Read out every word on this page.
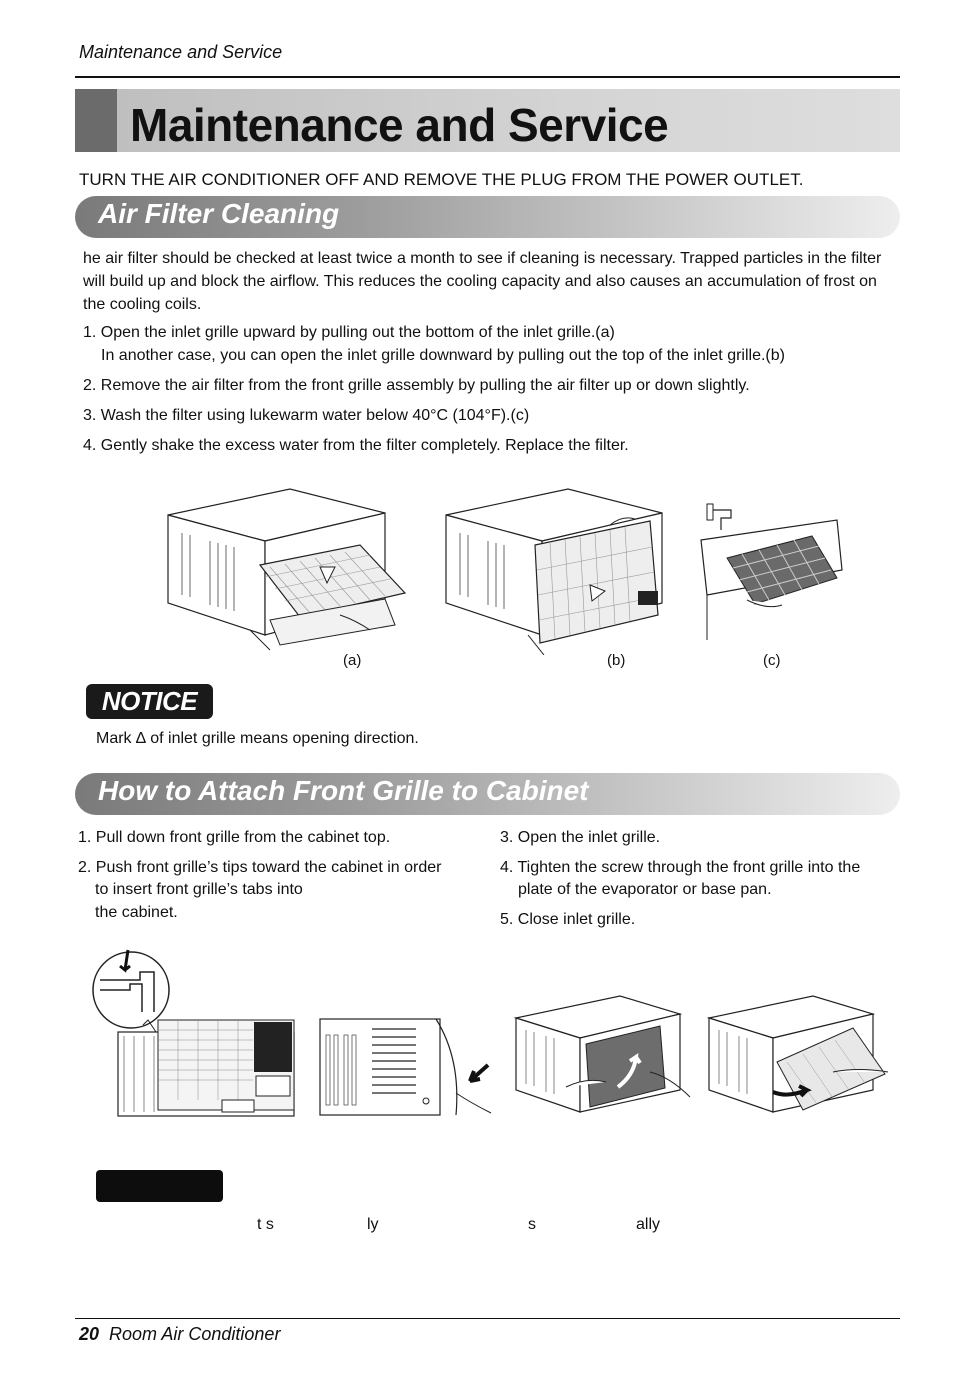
Maintenance and Service
Maintenance and Service
TURN THE AIR CONDITIONER OFF AND REMOVE THE PLUG FROM THE POWER OUTLET.
Air Filter Cleaning
he air filter should be checked at least twice a month to see if cleaning is necessary. Trapped particles in the filter will build up and block the airflow. This reduces the cooling capacity and also causes an accumulation of frost on the cooling coils.
1. Open the inlet grille upward by pulling out the bottom of the inlet grille.(a)
In another case, you can open the inlet grille downward by pulling out the top of the inlet grille.(b)
2. Remove the air filter from the front grille assembly by pulling the air filter up or down slightly.
3. Wash the filter using lukewarm water below 40°C (104°F).(c)
4. Gently shake the excess water from the filter completely. Replace the filter.
(a)	(b)	(c)
NOTICE
Mark ∆ of inlet grille means opening direction.
How to Attach Front Grille to Cabinet
1. Pull down front grille from the cabinet top.
2. Push front grille’s tips toward the cabinet in order
to insert front grille’s tabs into
the cabinet.
3. Open the inlet grille.
4. Tighten the screw through the front grille into the
plate of the evaporator or base pan.
5. Close inlet grille.
t s	ly	s	ally
20 Room Air Conditioner
